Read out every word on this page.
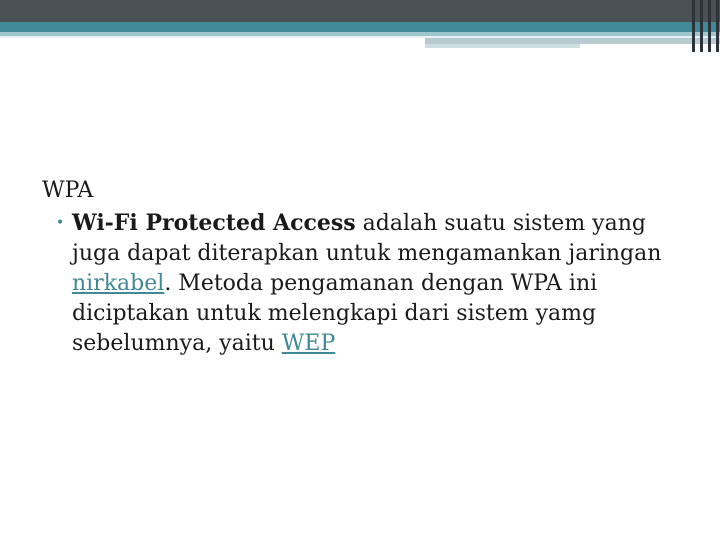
WPA
• Wi-Fi Protected Access adalah suatu sistem yang juga dapat diterapkan untuk mengamankan jaringan nirkabel. Metoda pengamanan dengan WPA ini diciptakan untuk melengkapi dari sistem yamg sebelumnya, yaitu WEP
